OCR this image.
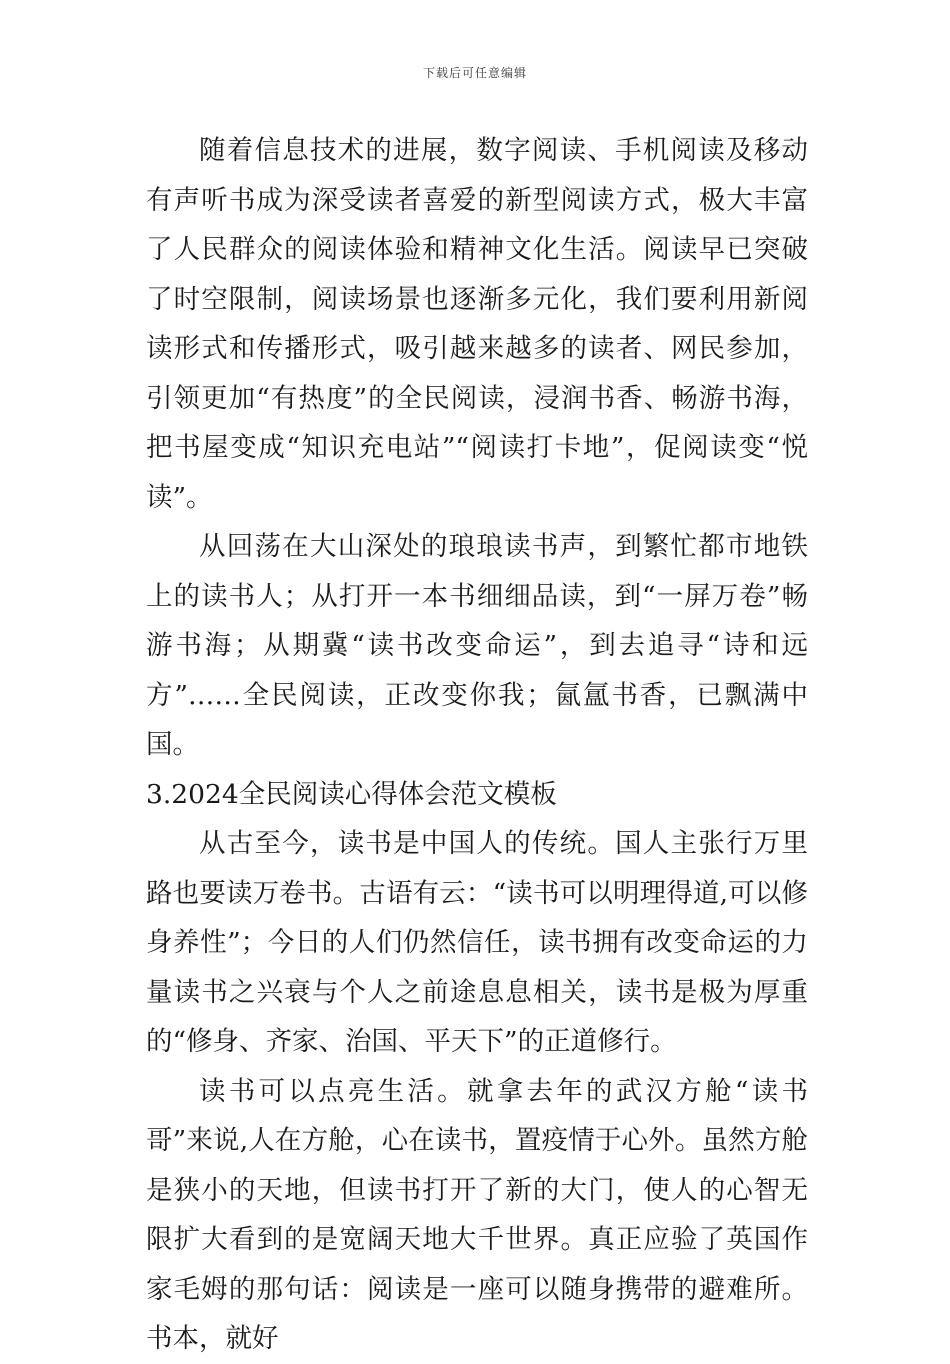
下载后可任意编辑

随着信息技术的进展，数字阅读、手机阅读及移动有声听书成为深受读者喜爱的新型阅读方式，极大丰富了人民群众的阅读体验和精神文化生活。阅读早已突破了时空限制，阅读场景也逐渐多元化，我们要利用新阅读形式和传播形式，吸引越来越多的读者、网民参加，引领更加“有热度”的全民阅读，浸润书香、畅游书海，把书屋变成“知识充电站”“阅读打卡地”，促阅读变“悦读”。

从回荡在大山深处的琅琅读书声，到繁忙都市地铁上的读书人；从打开一本书细细品读，到“一屏万卷”畅游书海；从期冀“读书改变命运”，到去追寻“诗和远方”……全民阅读，正改变你我；氤氲书香，已飘满中国。

3.2024全民阅读心得体会范文模板

从古至今，读书是中国人的传统。国人主张行万里路也要读万卷书。古语有云：“读书可以明理得道,可以修身养性”；今日的人们仍然信任，读书拥有改变命运的力量读书之兴衰与个人之前途息息相关，读书是极为厚重的“修身、齐家、治国、平天下”的正道修行。

读书可以点亮生活。就拿去年的武汉方舱“读书哥”来说,人在方舱，心在读书，置疫情于心外。虽然方舱是狭小的天地，但读书打开了新的大门，使人的心智无限扩大看到的是宽阔天地大千世界。真正应验了英国作家毛姆的那句话：阅读是一座可以随身携带的避难所。书本，就好
